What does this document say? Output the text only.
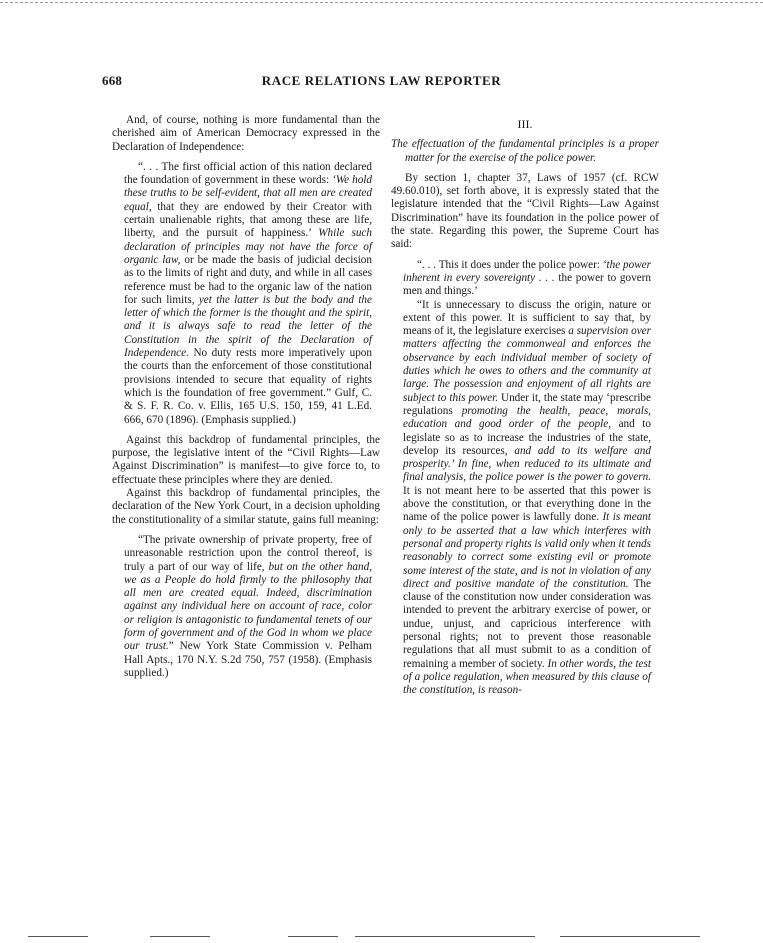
668	RACE RELATIONS LAW REPORTER

And, of course, nothing is more fundamental than the cherished aim of American Democracy expressed in the Declaration of Independence:

“. . . The first official action of this nation declared the foundation of government in these words: ‘We hold these truths to be self-evident, that all men are created equal, that they are endowed by their Creator with certain unalienable rights, that among these are life, liberty, and the pursuit of happiness.’ While such declaration of principles may not have the force of organic law, or be made the basis of judicial decision as to the limits of right and duty, and while in all cases reference must be had to the organic law of the nation for such limits, yet the latter is but the body and the letter of which the former is the thought and the spirit, and it is always safe to read the letter of the Constitution in the spirit of the Declaration of Independence. No duty rests more imperatively upon the courts than the enforcement of those constitutional provisions intended to secure that equality of rights which is the foundation of free government.” Gulf, C. & S. F. R. Co. v. Ellis, 165 U.S. 150, 159, 41 L.Ed. 666, 670 (1896). (Emphasis supplied.)

Against this backdrop of fundamental principles, the purpose, the legislative intent of the “Civil Rights—Law Against Discrimination” is manifest—to give force to, to effectuate these principles where they are denied.

Against this backdrop of fundamental principles, the declaration of the New York Court, in a decision upholding the constitutionality of a similar statute, gains full meaning:

“The private ownership of private property, free of unreasonable restriction upon the control thereof, is truly a part of our way of life, but on the other hand, we as a People do hold firmly to the philosophy that all men are created equal. Indeed, discrimination against any individual here on account of race, color or religion is antagonistic to fundamental tenets of our form of government and of the God in whom we place our trust.” New York State Commission v. Pelham Hall Apts., 170 N.Y. S.2d 750, 757 (1958). (Emphasis supplied.)

III.

The effectuation of the fundamental principles is a proper matter for the exercise of the police power.

By section 1, chapter 37, Laws of 1957 (cf. RCW 49.60.010), set forth above, it is expressly stated that the legislature intended that the “Civil Rights—Law Against Discrimination” have its foundation in the police power of the state. Regarding this power, the Supreme Court has said:

“. . . This it does under the police power: ‘the power inherent in every sovereignty . . . the power to govern men and things.’

“It is unnecessary to discuss the origin, nature or extent of this power. It is sufficient to say that, by means of it, the legislature exercises a supervision over matters affecting the commonweal and enforces the observance by each individual member of society of duties which he owes to others and the community at large. The possession and enjoyment of all rights are subject to this power. Under it, the state may ‘prescribe regulations promoting the health, peace, morals, education and good order of the people, and to legislate so as to increase the industries of the state, develop its resources, and add to its welfare and prosperity.’ In fine, when reduced to its ultimate and final analysis, the police power is the power to govern. It is not meant here to be asserted that this power is above the constitution, or that everything done in the name of the police power is lawfully done. It is meant only to be asserted that a law which interferes with personal and property rights is valid only when it tends reasonably to correct some existing evil or promote some interest of the state, and is not in violation of any direct and positive mandate of the constitution. The clause of the constitution now under consideration was intended to prevent the arbitrary exercise of power, or undue, unjust, and capricious interference with personal rights; not to prevent those reasonable regulations that all must submit to as a condition of remaining a member of society. In other words, the test of a police regulation, when measured by this clause of the constitution, is reason-
